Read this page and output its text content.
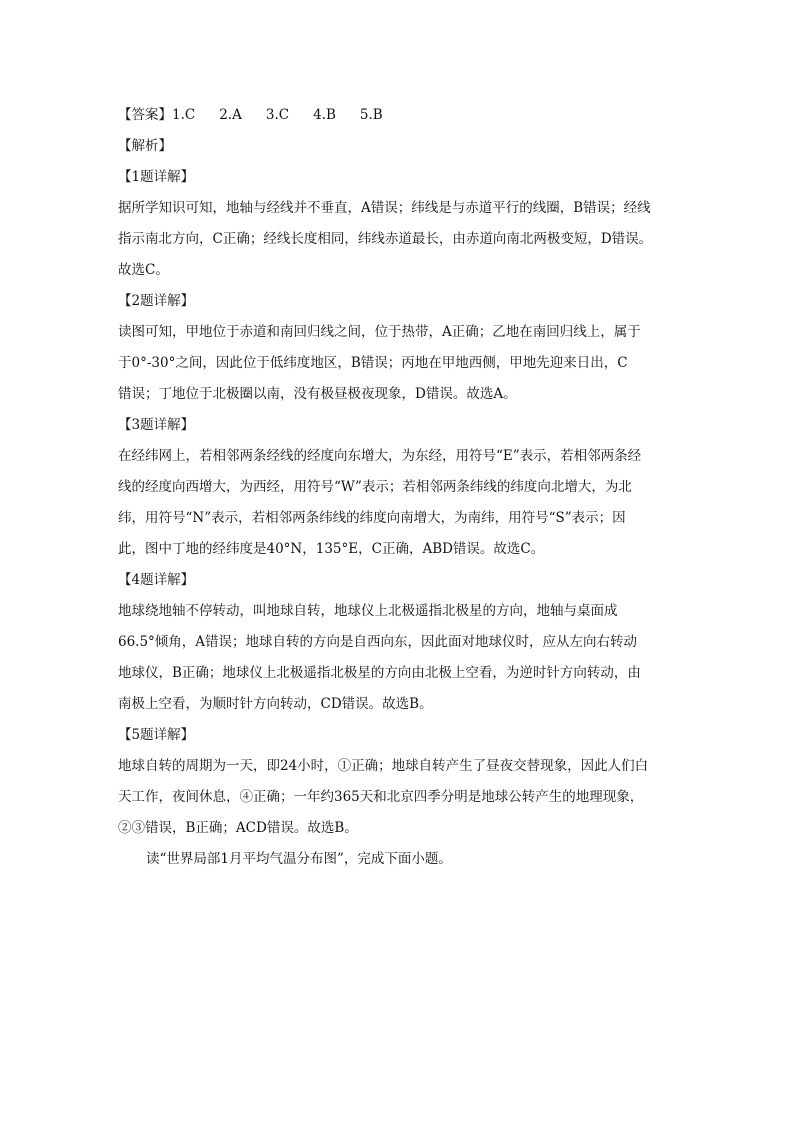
【答案】1.C 2.A 3.C 4.B 5.B
【解析】
【1题详解】
据所学知识可知，地轴与经线并不垂直，A错误；纬线是与赤道平行的线圈，B错误；经线
指示南北方向，C正确；经线长度相同，纬线赤道最长，由赤道向南北两极变短，D错误。
故选C。
【2题详解】
读图可知，甲地位于赤道和南回归线之间，位于热带，A正确；乙地在南回归线上，属于
于0°-30°之间，因此位于低纬度地区，B错误；丙地在甲地西侧，甲地先迎来日出，C
错误；丁地位于北极圈以南，没有极昼极夜现象，D错误。故选A。
【3题详解】
在经纬网上，若相邻两条经线的经度向东增大，为东经，用符号“E”表示，若相邻两条经
线的经度向西增大，为西经，用符号“W”表示；若相邻两条纬线的纬度向北增大，为北
纬，用符号“N”表示，若相邻两条纬线的纬度向南增大，为南纬，用符号“S”表示；因
此，图中丁地的经纬度是40°N，135°E，C正确，ABD错误。故选C。
【4题详解】
地球绕地轴不停转动，叫地球自转，地球仪上北极遥指北极星的方向，地轴与桌面成
66.5°倾角，A错误；地球自转的方向是自西向东，因此面对地球仪时，应从左向右转动
地球仪，B正确；地球仪上北极遥指北极星的方向由北极上空看，为逆时针方向转动，由
南极上空看，为顺时针方向转动，CD错误。故选B。
【5题详解】
地球自转的周期为一天，即24小时，①正确；地球自转产生了昼夜交替现象，因此人们白
天工作，夜间休息，④正确；一年约365天和北京四季分明是地球公转产生的地理现象，
②③错误，B正确；ACD错误。故选B。
读“世界局部1月平均气温分布图”，完成下面小题。
